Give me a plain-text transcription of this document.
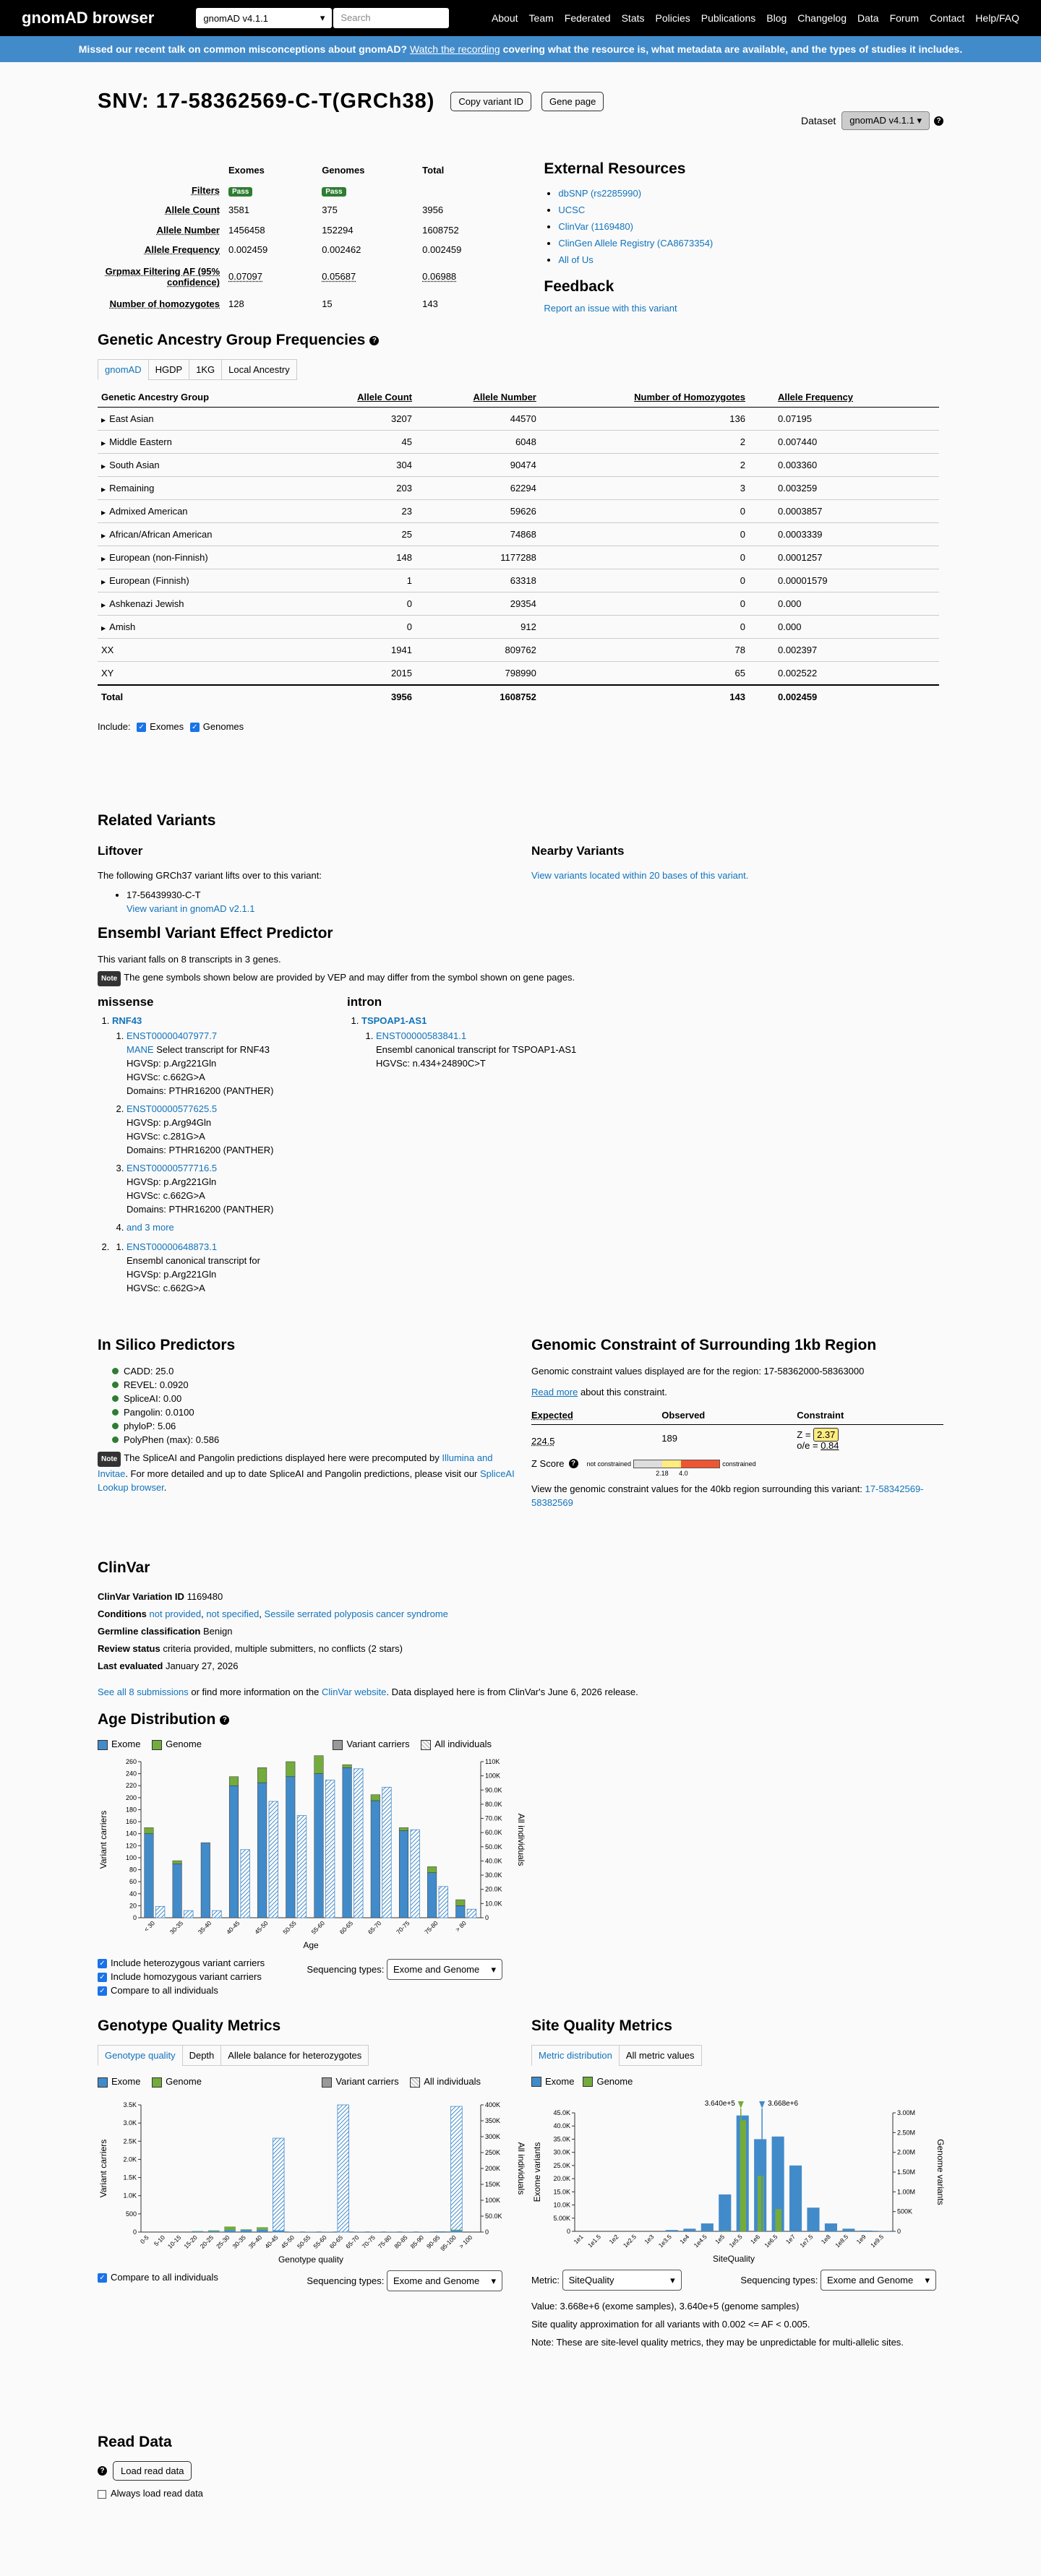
gnomAD browser	gnomAD v4.1.1	▾	Search	About Team Federated Stats Policies Publications Blog Changelog Data Forum Contact Help/FAQ
Missed our recent talk on common misconceptions about gnomAD? Watch the recording covering what the resource is, what metadata are available, and the types of studies it includes.
SNV: 17-58362569-C-T(GRCh38)	Copy variant ID	Gene page
Dataset	gnomAD v4.1.1 ▾	?
	Exomes	Genomes	Total
Filters	Pass	Pass	
Allele Count	3581	375	3956
Allele Number	1456458	152294	1608752
Allele Frequency	0.002459	0.002462	0.002459
Grpmax Filtering AF (95% confidence)	0.07097	0.05687	0.06988
Number of homozygotes	128	15	143
External Resources
• dbSNP (rs2285990)
• UCSC
• ClinVar (1169480)
• ClinGen Allele Registry (CA8673354)
• All of Us
Feedback
Report an issue with this variant
Genetic Ancestry Group Frequencies ?
gnomAD	HGDP	1KG	Local Ancestry
Genetic Ancestry Group	Allele Count	Allele Number	Number of Homozygotes	Allele Frequency
▶ East Asian	3207	44570	136	0.07195
▶ Middle Eastern	45	6048	2	0.007440
▶ South Asian	304	90474	2	0.003360
▶ Remaining	203	62294	3	0.003259
▶ Admixed American	23	59626	0	0.0003857
▶ African/African American	25	74868	0	0.0003339
▶ European (non-Finnish)	148	1177288	0	0.0001257
▶ European (Finnish)	1	63318	0	0.00001579
▶ Ashkenazi Jewish	0	29354	0	0.000
▶ Amish	0	912	0	0.000
XX	1941	809762	78	0.002397
XY	2015	798990	65	0.002522
Total	3956	1608752	143	0.002459
Include: ✓ Exomes ✓ Genomes
Related Variants
Liftover

The following GRCh37 variant lifts over to this variant:

• 17-56439930-C-T
View variant in gnomAD v2.1.1
Nearby Variants
View variants located within 20 bases of this variant.
Ensembl Variant Effect Predictor

This variant falls on 8 transcripts in 3 genes.

Note The gene symbols shown below are provided by VEP and may differ from the symbol shown on gene pages.

missense
1. RNF43
1. ENST00000407977.7
MANE Select transcript for RNF43
HGVSp: p.Arg221Gln
HGVSc: c.662G>A
Domains: PTHR16200 (PANTHER)
2. ENST00000577625.5
HGVSp: p.Arg94Gln
HGVSc: c.281G>A
Domains: PTHR16200 (PANTHER)
3. ENST00000577716.5
HGVSp: p.Arg221Gln
HGVSc: c.662G>A
Domains: PTHR16200 (PANTHER)
4. and 3 more
1. 2. ENST00000648873.1
Ensembl canonical transcript for
HGVSp: p.Arg221Gln
HGVSc: c.662G>A
intron
1. TSPOAP1-AS1
1. ENST00000583841.1
Ensembl canonical transcript for TSPOAP1-AS1
HGVSc: n.434+24890C>T
In Silico Predictors
CADD: 25.0
REVEL: 0.0920
SpliceAI: 0.00
Pangolin: 0.0100
phyloP: 5.06
PolyPhen (max): 0.586

Note The SpliceAI and Pangolin predictions displayed here were precomputed by Illumina and Invitae. For more detailed and up to date SpliceAI and Pangolin predictions, please visit our SpliceAI Lookup browser.

Genomic Constraint of Surrounding 1kb Region

Genomic constraint values displayed are for the region: 17-58362000-58363000

Read more about this constraint.

Expected	Observed	Constraint
224.5	189	Z = 2.37
o/e = 0.84
Z Score ?	not constrained
2.18 4.0
constrained

View the genomic constraint values for the 40kb region surrounding this variant: 17-58342569-58382569

ClinVar
ClinVar Variation ID 1169480
Conditions not provided, not specified, Sessile serrated polyposis cancer syndrome
Germline classification Benign
Review status criteria provided, multiple submitters, no conflicts (2 stars)
Last evaluated January 27, 2026
See all 8 submissions or find more information on the ClinVar website. Data displayed here is from ClinVar's June 6, 2026 release.
Age Distribution ?
Exome	Genome	Variant carriers	All individuals
0
20
40
60
80
100
120
140
160
180
200
220
240
260
0
10.0K
20.0K
30.0K
40.0K
50.0K
60.0K
70.0K
80.0K
90.0K
100K
110K
< 30 30-35 35-40 40-45 45-50 50-55 55-60 60-65 65-70 70-75 75-80 > 80
Age
Variant carriers	All individuals
✓ Include heterozygous variant carriers
✓ Include homozygous variant carriers
✓ Compare to all individuals
Sequencing types: Exome and Genome ▾
Genotype Quality Metrics
Genotype quality	Depth	Allele balance for heterozygotes
Exome	Genome	Variant carriers	All individuals
0
500
1.0K
1.5K
2.0K
2.5K
3.0K
3.5K
0
50.0K
100K
150K
200K
250K
300K
350K
400K
0-5 5-10 10-15 15-20 20-25 25-30 30-35 35-40 40-45 45-50 50-55 55-60 60-65 65-70 70-75 75-80 80-85 85-90 90-95
95-100 > 100
Genotype quality
Variant carriers	All individuals
✓ Compare to all individuals	Sequencing types: Exome and Genome ▾
Site Quality Metrics
Metric distribution	All metric values
Exome Genome
0
5.00K
10.0K
15.0K
20.0K
25.0K
30.0K
35.0K
40.0K
45.0K
0
500K
1.00M
1.50M
2.00M
2.50M
3.00M
1e1 1e1.5 1e2 1e2.5 1e3 1e3.5 1e4 1e4.5 1e5 1e5.5 1e6 1e6.5 1e7 1e7.5 1e8 1e8.5 1e9 1e9.5
SiteQuality
Exome variants	Genome variants
3.640e+5	3.668e+6
Metric: SiteQuality	▾	Sequencing types: Exome and Genome ▾

Value: 3.668e+6 (exome samples), 3.640e+5 (genome samples)

Site quality approximation for all variants with 0.002 <= AF < 0.005.

Note: These are site-level quality metrics, they may be unpredictable for multi-allelic sites.

Read Data
?	Load read data
Always load read data
